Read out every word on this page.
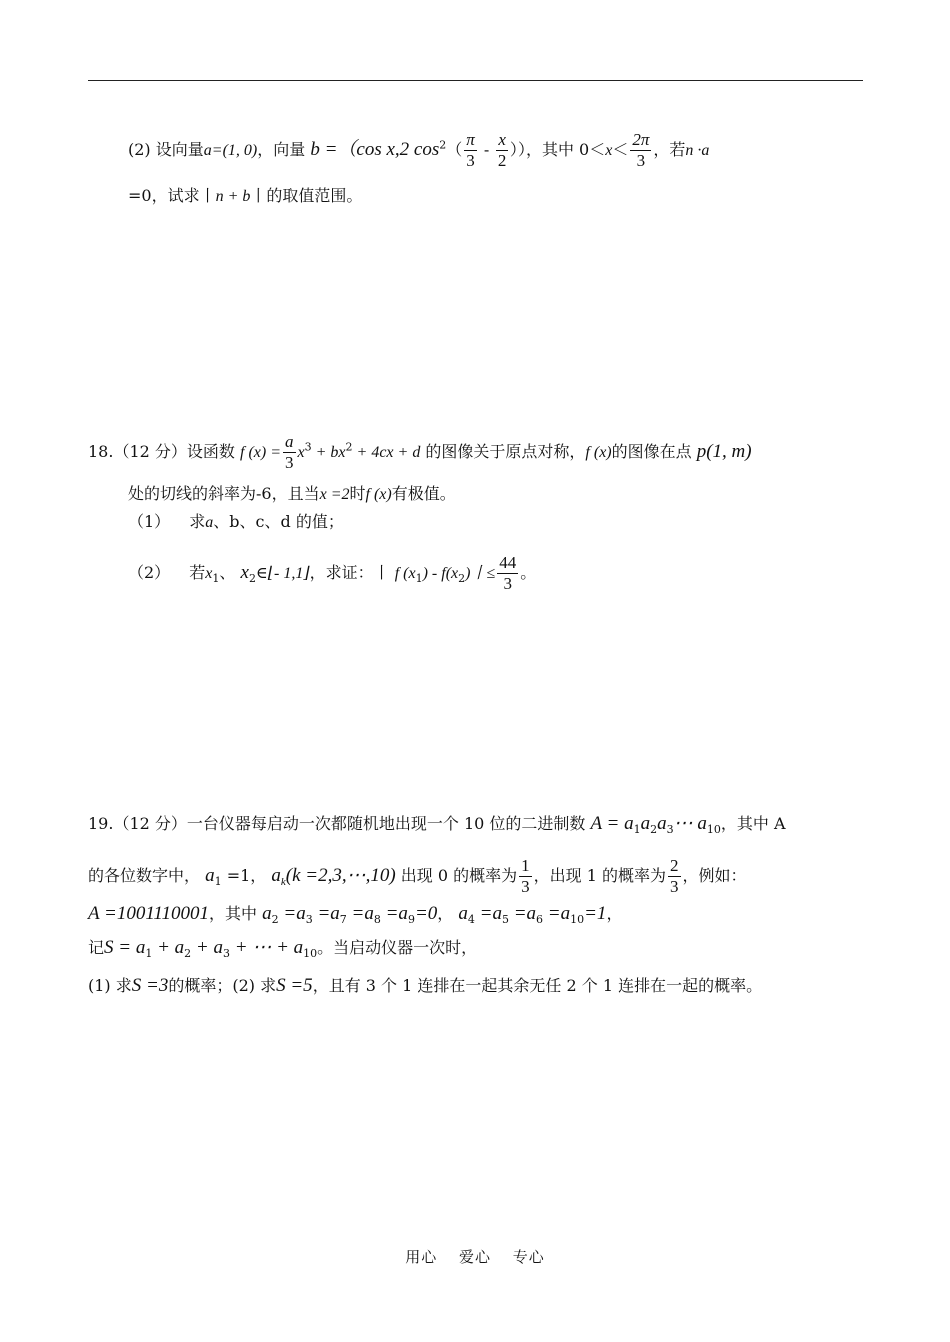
(2) 设向量a=(1, 0)，向量 b =（cos x,2 $\cos^2( \frac{\pi}{3} - \frac{x}{2}$ ）），其中 $0<x< \frac{2\pi}{3}$ ，若n ·a
=0，试求丨n + b丨的取值范围。
18.（12 分）设函数 f $(x) = \frac{a}{3} x^3 + bx^2 + 4cx + d$ 的图像关于原点对称，f (x)的图像在点 p(1, m)
处的切线的斜率为-6，且当x =2时f (x)有极值。
（1） 求a、b、c、d 的值；
（2） 若$x_1$、 $x_2\in⌊-$ 1,1⌋，求证：丨 f $(x_1) - f(x_2)$丨≤ $\frac{44}{3}$ 。
19.（12 分）一台仪器每启动一次都随机地出现一个 10 位的二进制数 $A = a_1a_2a_3\cdots$ $a_{10}$，其中 A
的各位数字中， $a_1 =1$， $a_k(k$ =2,3,⋯,10) 出现 0 的概率为 $\frac{1}{3}$ ，出现 1 的概率为 $\frac{2}{3}$ ，例如：
A =1001110001，其中 $a_2 =a_3 =a_7 =a_8 =a_9=0$， $a_4 =a_5 =a_6 =a_{10}=1$，
记$S = a_1 + a_2 + a_3$ + ⋯ + $a_{10}$。当启动仪器一次时，
(1) 求S =3的概率；(2) 求S =5，且有 3 个 1 连排在一起其余无任 2 个 1 连排在一起的概率。
用心 爱心 专心
